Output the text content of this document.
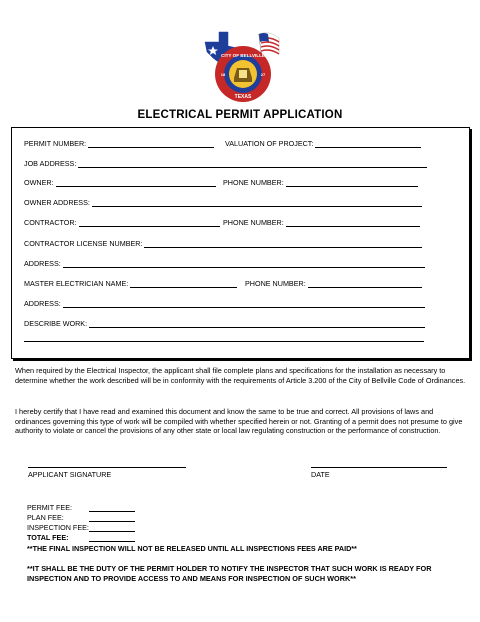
CITY OF BELLVILLE
TEXAS
18	27
ELECTRICAL PERMIT APPLICATION
PERMIT NUMBER:	VALUATION OF PROJECT:
JOB ADDRESS:
OWNER:	PHONE NUMBER:
OWNER ADDRESS:
CONTRACTOR:	PHONE NUMBER:
CONTRACTOR LICENSE NUMBER:
ADDRESS:
MASTER ELECTRICIAN NAME:	PHONE NUMBER:
ADDRESS:
DESCRIBE WORK:
When required by the Electrical Inspector, the applicant shall file complete plans and specifications for the installation as necessary to determine whether the work described will be in conformity with the requirements of Article 3.200 of the City of Bellville Code of Ordinances.
I hereby certify that I have read and examined this document and know the same to be true and correct. All provisions of laws and ordinances governing this type of work will be compiled with whether specified herein or not. Granting of a permit does not presume to give authority to violate or cancel the provisions of any other state or local law regulating construction or the performance of construction.
APPLICANT SIGNATURE	DATE
PERMIT FEE:
PLAN FEE:
INSPECTION FEE:
TOTAL FEE:
**THE FINAL INSPECTION WILL NOT BE RELEASED UNTIL ALL INSPECTIONS FEES ARE PAID**
**IT SHALL BE THE DUTY OF THE PERMIT HOLDER TO NOTIFY THE INSPECTOR THAT SUCH WORK IS READY FOR INSPECTION AND TO PROVIDE ACCESS TO AND MEANS FOR INSPECTION OF SUCH WORK**
